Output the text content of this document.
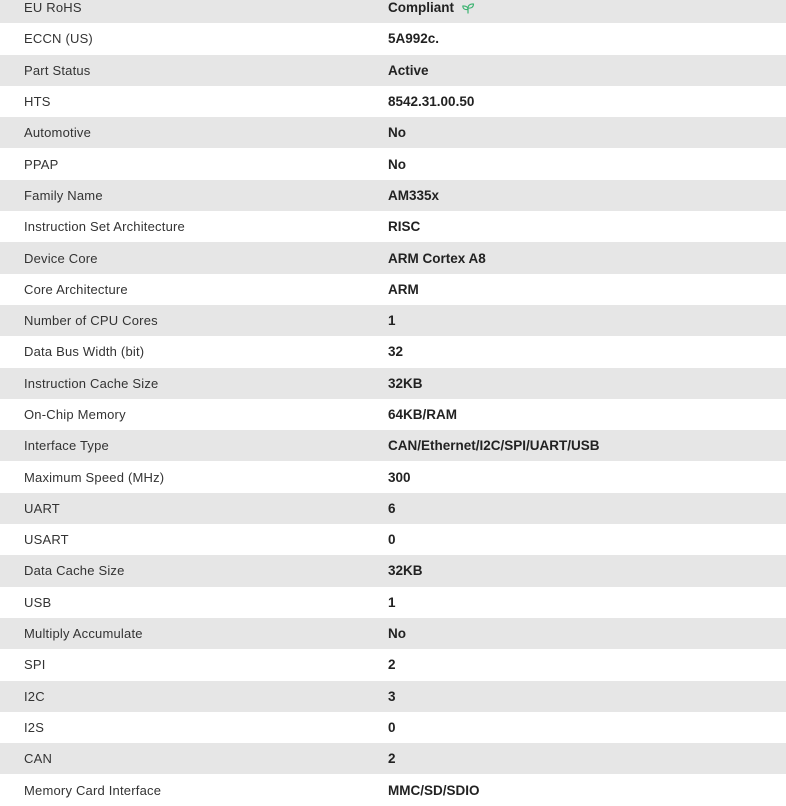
EU RoHS	Compliant
ECCN (US)	5A992c.
Part Status	Active
HTS	8542.31.00.50
Automotive	No
PPAP	No
Family Name	AM335x
Instruction Set Architecture	RISC
Device Core	ARM Cortex A8
Core Architecture	ARM
Number of CPU Cores	1
Data Bus Width (bit)	32
Instruction Cache Size	32KB
On-Chip Memory	64KB/RAM
Interface Type	CAN/Ethernet/I2C/SPI/UART/USB
Maximum Speed (MHz)	300
UART	6
USART	0
Data Cache Size	32KB
USB	1
Multiply Accumulate	No
SPI	2
I2C	3
I2S	0
CAN	2
Memory Card Interface	MMC/SD/SDIO
